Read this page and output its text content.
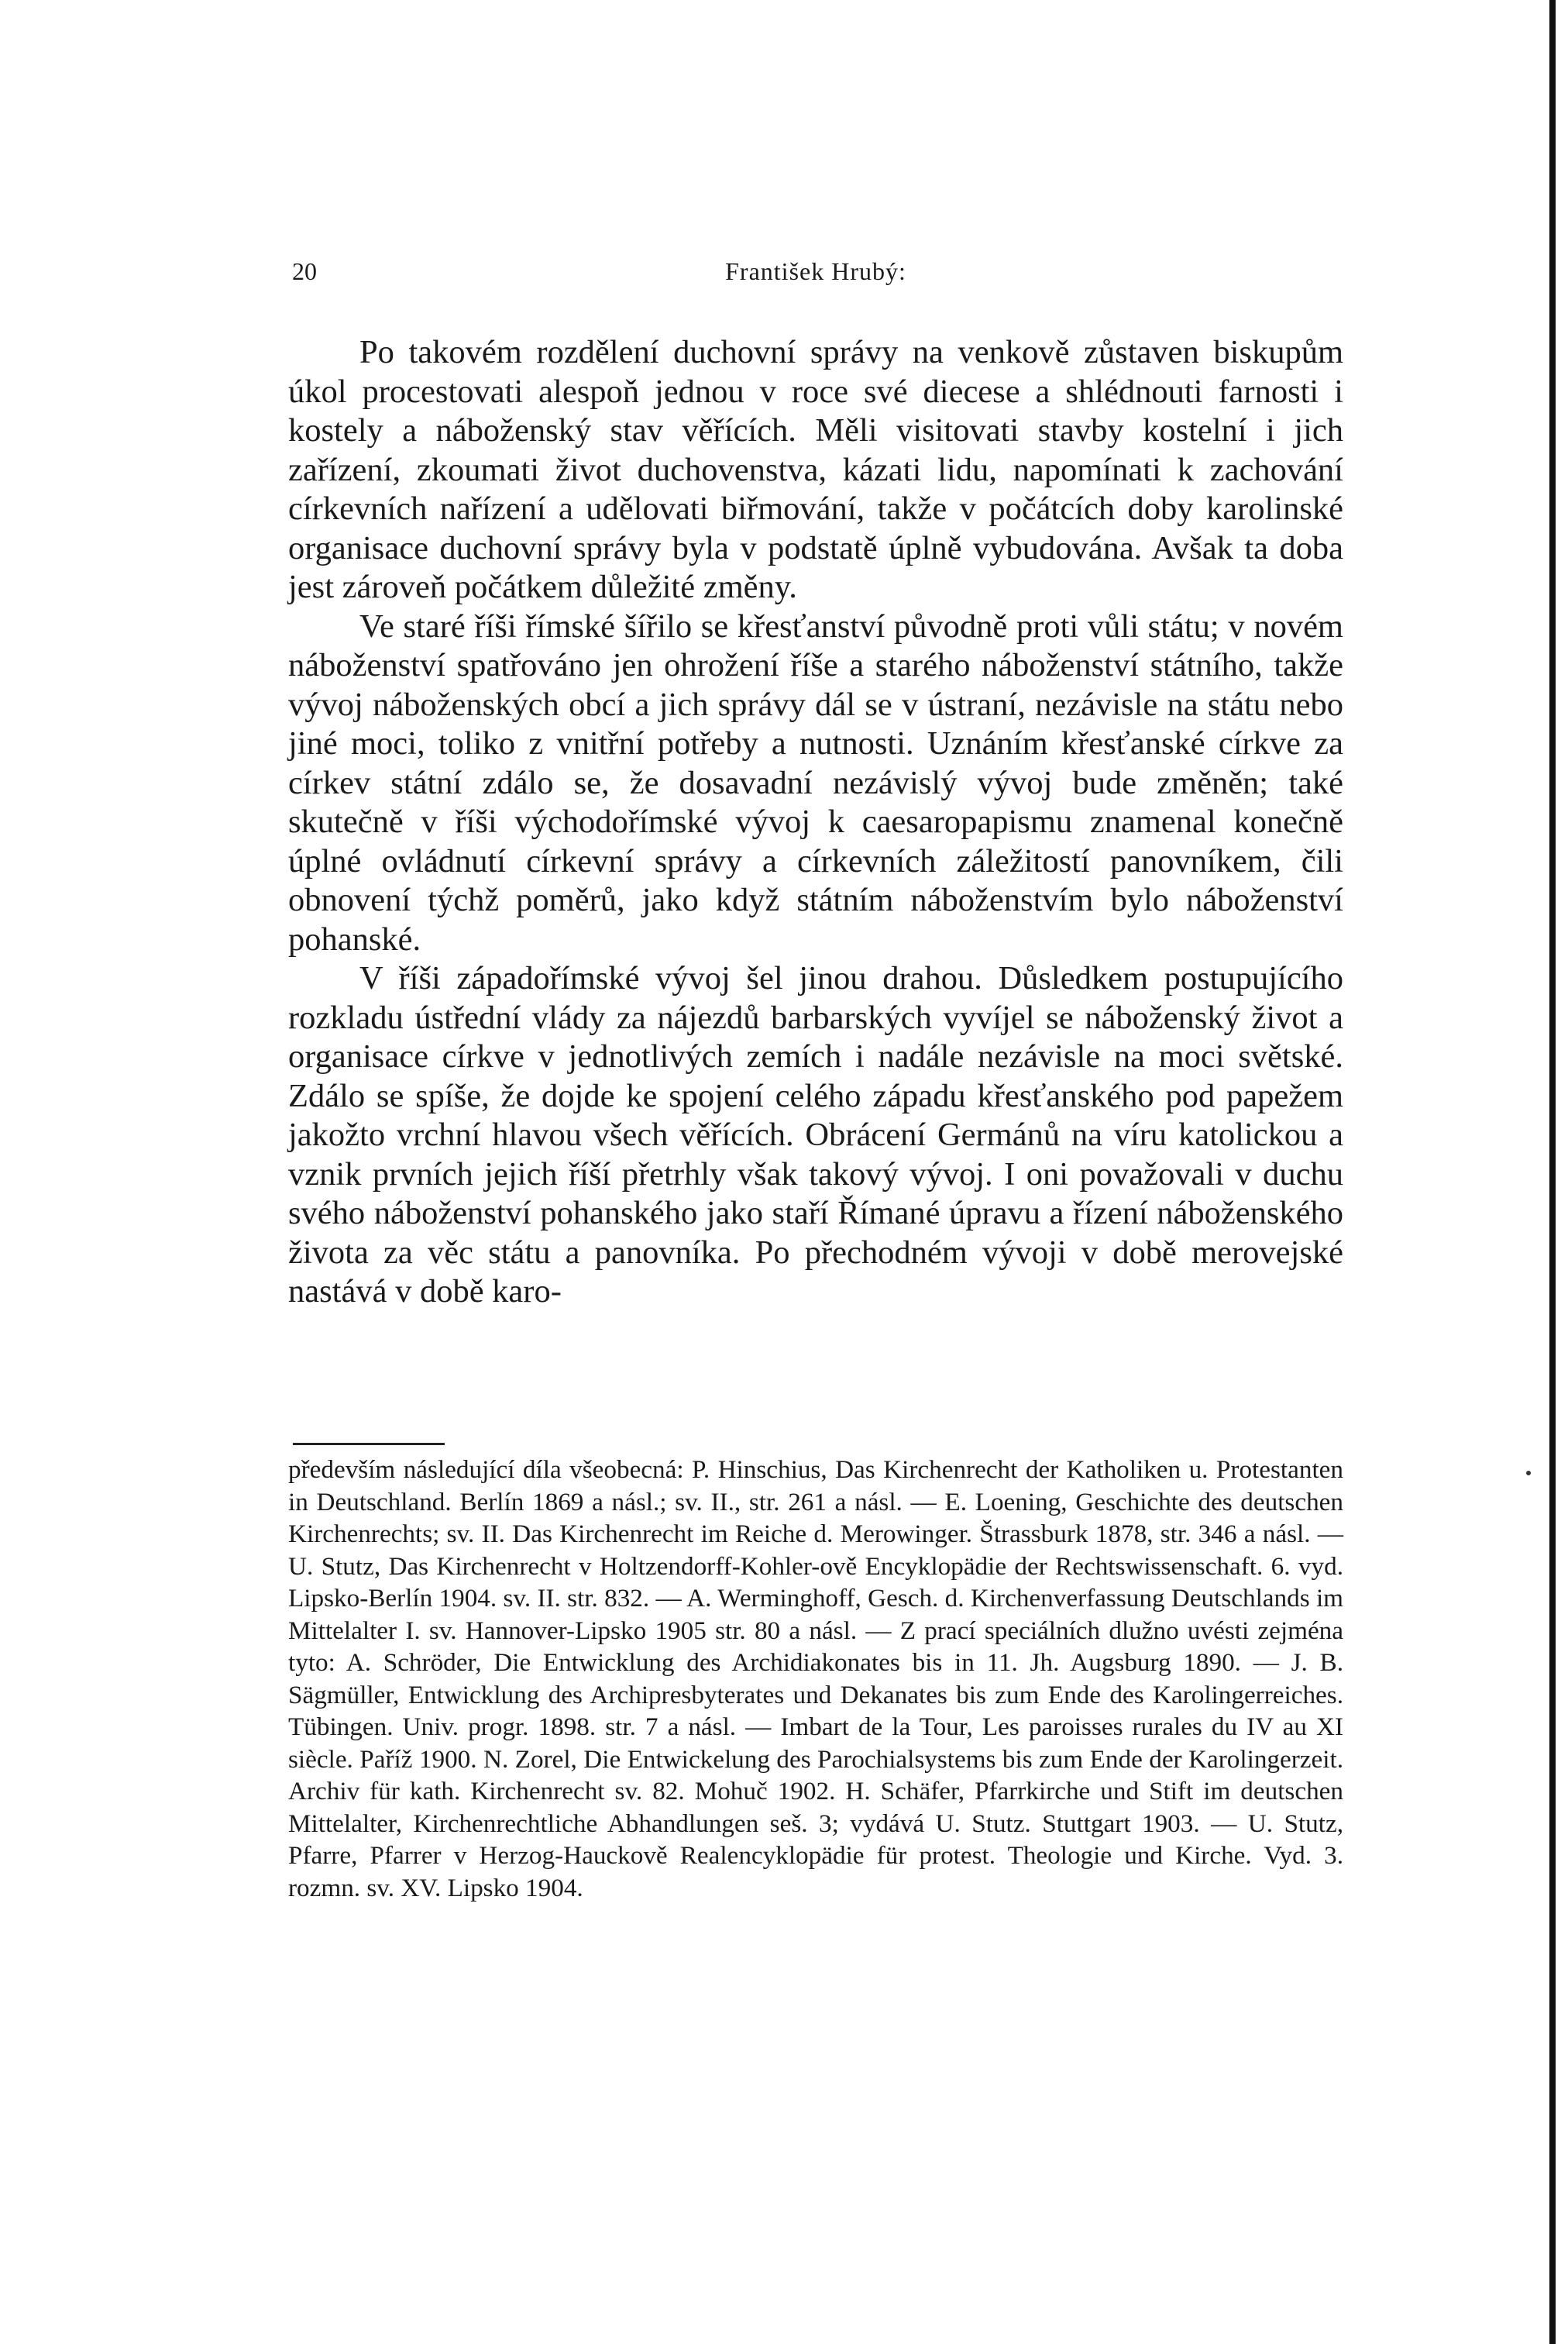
20	František Hrubý:

Po takovém rozdělení duchovní správy na venkově zůstaven biskupům úkol procestovati alespoň jednou v roce své diecese a shlédnouti farnosti i kostely a náboženský stav věřících. Měli visitovati stavby kostelní i jich zařízení, zkoumati život duchovenstva, kázati lidu, napomínati k zachování církevních nařízení a udělovati biřmování, takže v počátcích doby karolinské organisace duchovní správy byla v podstatě úplně vybudována. Avšak ta doba jest zároveň počátkem důležité změny.

Ve staré říši římské šířilo se křesťanství původně proti vůli státu; v novém náboženství spatřováno jen ohrožení říše a starého náboženství státního, takže vývoj náboženských obcí a jich správy dál se v ústraní, nezávisle na státu nebo jiné moci, toliko z vnitřní potřeby a nutnosti. Uznáním křesťanské církve za církev státní zdálo se, že dosavadní nezávislý vývoj bude změněn; také skutečně v říši východořímské vývoj k caesaropapismu znamenal konečně úplné ovládnutí církevní správy a církevních záležitostí panovníkem, čili obnovení týchž poměrů, jako když státním náboženstvím bylo náboženství pohanské.

V říši západořímské vývoj šel jinou drahou. Důsledkem postupujícího rozkladu ústřední vlády za nájezdů barbarských vyvíjel se náboženský život a organisace církve v jednotlivých zemích i nadále nezávisle na moci světské. Zdálo se spíše, že dojde ke spojení celého západu křesťanského pod papežem jakožto vrchní hlavou všech věřících. Obrácení Germánů na víru katolickou a vznik prvních jejich říší přetrhly však takový vývoj. I oni považovali v duchu svého náboženství pohanského jako staří Římané úpravu a řízení náboženského života za věc státu a panovníka. Po přechodném vývoji v době merovejské nastává v době karo-

především následující díla všeobecná: P. Hinschius, Das Kirchenrecht der Katholiken u. Protestanten in Deutschland. Berlín 1869 a násl.; sv. II., str. 261 a násl. — E. Loening, Geschichte des deutschen Kirchenrechts; sv. II. Das Kirchenrecht im Reiche d. Merowinger. Štrassburk 1878, str. 346 a násl. — U. Stutz, Das Kirchenrecht v Holtzendorff-Kohler-ově Encyklopädie der Rechtswissenschaft. 6. vyd. Lipsko-Berlín 1904. sv. II. str. 832. — A. Werminghoff, Gesch. d. Kirchenverfassung Deutschlands im Mittelalter I. sv. Hannover-Lipsko 1905 str. 80 a násl. — Z prací speciálních dlužno uvésti zejména tyto: A. Schröder, Die Entwicklung des Archidiakonates bis in 11. Jh. Augsburg 1890. — J. B. Sägmüller, Entwicklung des Archipresbyterates und Dekanates bis zum Ende des Karolingerreiches. Tübingen. Univ. progr. 1898. str. 7 a násl. — Imbart de la Tour, Les paroisses rurales du IV au XI siècle. Paříž 1900. N. Zorel, Die Entwickelung des Parochialsystems bis zum Ende der Karolingerzeit. Archiv für kath. Kirchenrecht sv. 82. Mohuč 1902. H. Schäfer, Pfarrkirche und Stift im deutschen Mittelalter, Kirchenrechtliche Abhandlungen seš. 3; vydává U. Stutz. Stuttgart 1903. — U. Stutz, Pfarre, Pfarrer v Herzog-Hauckově Realencyklopädie für protest. Theologie und Kirche. Vyd. 3. rozmn. sv. XV. Lipsko 1904.
